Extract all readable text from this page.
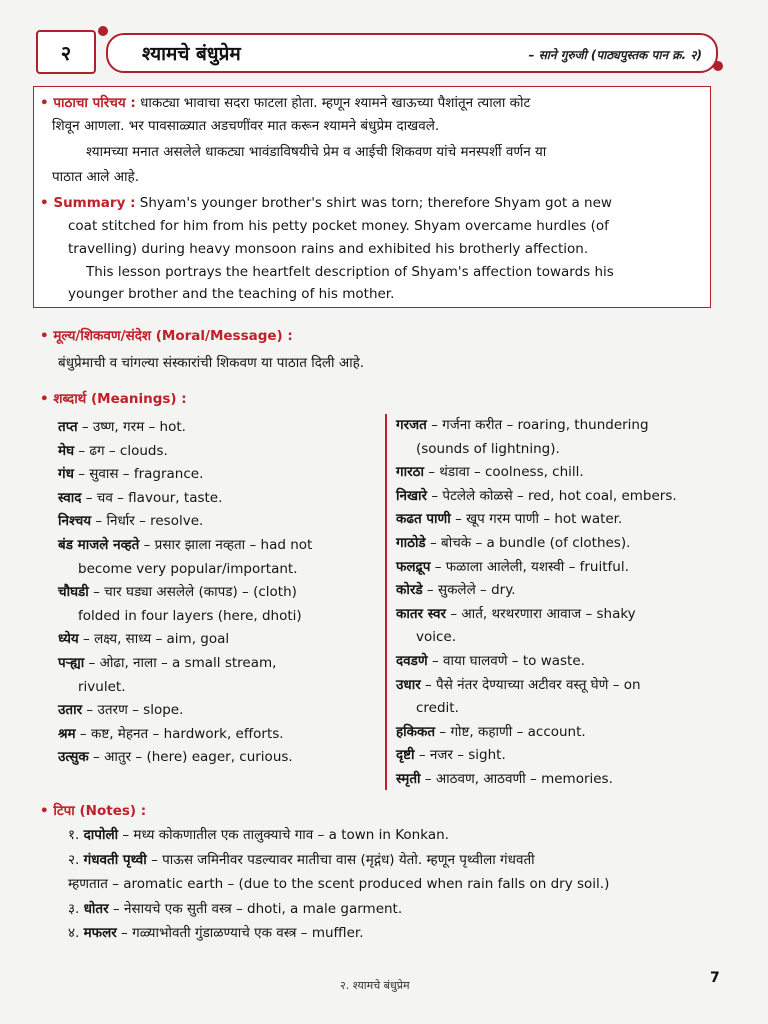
२	श्यामचे बंधुप्रेम	– साने गुरुजी (पाठ्यपुस्तक पान क्र. २)
• पाठाचा परिचय : धाकट्या भावाचा सदरा फाटला होता. म्हणून श्यामने खाऊच्या पैशांतून त्याला कोट
शिवून आणला. भर पावसाळ्यात अडचणींवर मात करून श्यामने बंधुप्रेम दाखवले.
श्यामच्या मनात असलेले धाकट्या भावंडाविषयीचे प्रेम व आईची शिकवण यांचे मनस्पर्शी वर्णन या
पाठात आले आहे.
• Summary : Shyam's younger brother's shirt was torn; therefore Shyam got a new
coat stitched for him from his petty pocket money. Shyam overcame hurdles (of
travelling) during heavy monsoon rains and exhibited his brotherly affection.
This lesson portrays the heartfelt description of Shyam's affection towards his
younger brother and the teaching of his mother.
• मूल्य/शिकवण/संदेश (Moral/Message) :
बंधुप्रेमाची व चांगल्या संस्कारांची शिकवण या पाठात दिली आहे.
• शब्दार्थ (Meanings) :
तप्त – उष्ण, गरम – hot.
मेघ – ढग – clouds.
गंध – सुवास – fragrance.
स्वाद – चव – flavour, taste.
निश्चय – निर्धार – resolve.
बंड माजले नव्हते – प्रसार झाला नव्हता – had not
become very popular/important.
चौघडी – चार घड्या असलेले (कापड) – (cloth)
folded in four layers (here, dhoti)
ध्येय – लक्ष्य, साध्य – aim, goal
पऱ्ह्या – ओढा, नाला – a small stream,
rivulet.
उतार – उतरण – slope.
श्रम – कष्ट, मेहनत – hardwork, efforts.
उत्सुक – आतुर – (here) eager, curious.
गरजत – गर्जना करीत – roaring, thundering
(sounds of lightning).
गारठा – थंडावा – coolness, chill.
निखारे – पेटलेले कोळसे – red, hot coal, embers.
कढत पाणी – खूप गरम पाणी – hot water.
गाठोडे – बोचके – a bundle (of clothes).
फलद्रूप – फळाला आलेली, यशस्वी – fruitful.
कोरडे – सुकलेले – dry.
कातर स्वर – आर्त, थरथरणारा आवाज – shaky
voice.
दवडणे – वाया घालवणे – to waste.
उधार – पैसे नंतर देण्याच्या अटीवर वस्तू घेणे – on
credit.
हकिकत – गोष्ट, कहाणी – account.
दृष्टी – नजर – sight.
स्मृती – आठवण, आठवणी – memories.
• टिपा (Notes) :
१. दापोली – मध्य कोकणातील एक तालुक्याचे गाव – a town in Konkan.
२. गंधवती पृथ्वी – पाऊस जमिनीवर पडल्यावर मातीचा वास (मृद्गंध) येतो. म्हणून पृथ्वीला गंधवती
म्हणतात – aromatic earth – (due to the scent produced when rain falls on dry soil.)
३. धोतर – नेसायचे एक सुती वस्त्र – dhoti, a male garment.
४. मफलर – गळ्याभोवती गुंडाळण्याचे एक वस्त्र – muffler.
२. श्यामचे बंधुप्रेम	7
